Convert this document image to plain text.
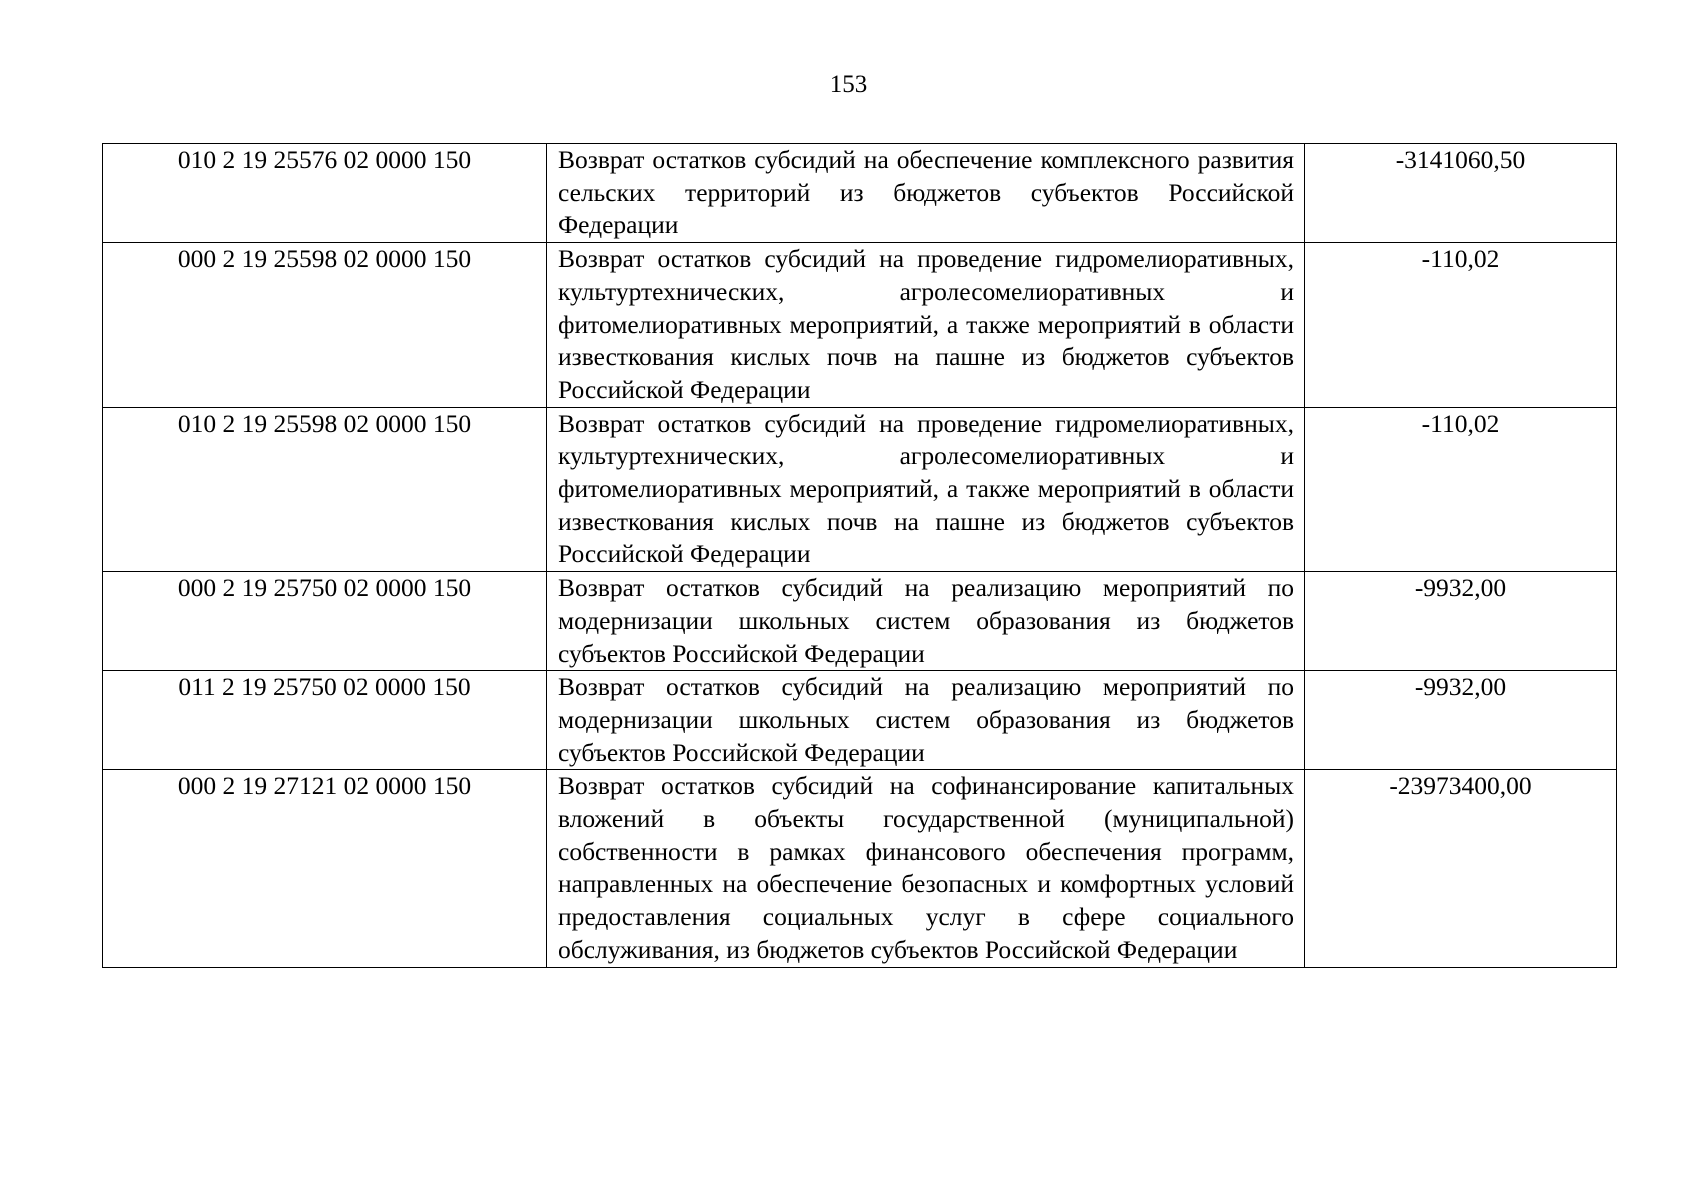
153
010 2 19 25576 02 0000 150	Возврат остатков субсидий на обеспечение комплексного развития сельских территорий из бюджетов субъектов Российской Федерации	-3141060,50
000 2 19 25598 02 0000 150	Возврат остатков субсидий на проведение гидромелиоративных, культуртехнических, агролесомелиоративных и фитомелиоративных мероприятий, а также мероприятий в области известкования кислых почв на пашне из бюджетов субъектов Российской Федерации	-110,02
010 2 19 25598 02 0000 150	Возврат остатков субсидий на проведение гидромелиоративных, культуртехнических, агролесомелиоративных и фитомелиоративных мероприятий, а также мероприятий в области известкования кислых почв на пашне из бюджетов субъектов Российской Федерации	-110,02
000 2 19 25750 02 0000 150	Возврат остатков субсидий на реализацию мероприятий по модернизации школьных систем образования из бюджетов субъектов Российской Федерации	-9932,00
011 2 19 25750 02 0000 150	Возврат остатков субсидий на реализацию мероприятий по модернизации школьных систем образования из бюджетов субъектов Российской Федерации	-9932,00
000 2 19 27121 02 0000 150	Возврат остатков субсидий на софинансирование капитальных вложений в объекты государственной (муниципальной) собственности в рамках финансового обеспечения программ, направленных на обеспечение безопасных и комфортных условий предоставления социальных услуг в сфере социального обслуживания, из бюджетов субъектов Российской Федерации	-23973400,00
